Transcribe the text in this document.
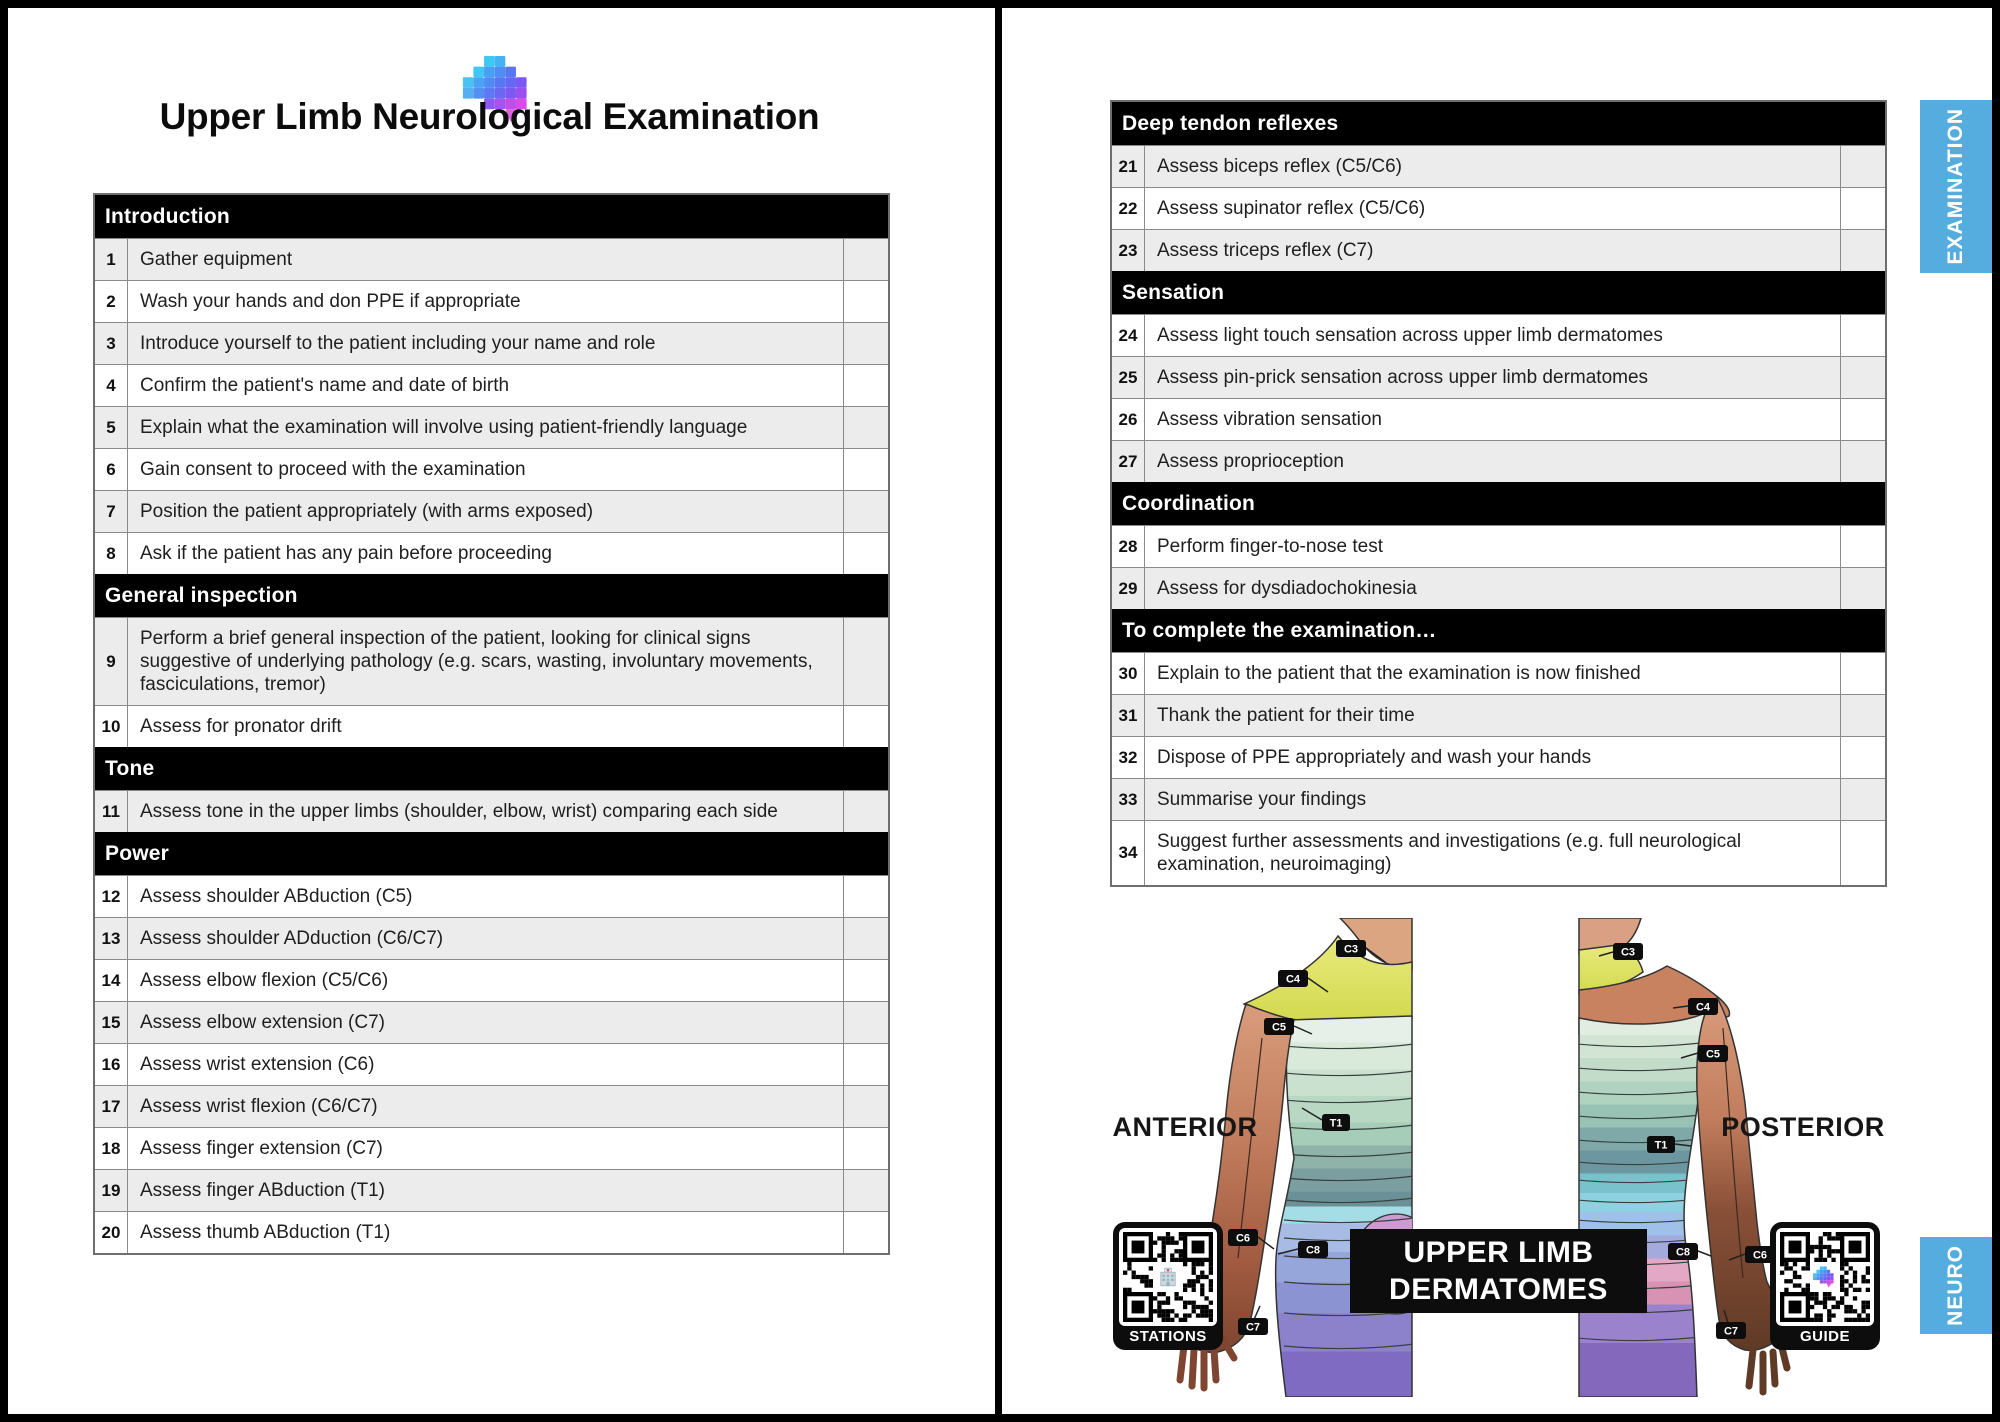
Upper Limb Neurological Examination
Introduction
1	Gather equipment
2	Wash your hands and don PPE if appropriate
3	Introduce yourself to the patient including your name and role
4	Confirm the patient's name and date of birth
5	Explain what the examination will involve using patient-friendly language
6	Gain consent to proceed with the examination
7	Position the patient appropriately (with arms exposed)
8	Ask if the patient has any pain before proceeding
General inspection
9
Perform a brief general inspection of the patient, looking for clinical signs suggestive of underlying pathology (e.g. scars, wasting, involuntary movements, fasciculations, tremor)
10	Assess for pronator drift
Tone
11	Assess tone in the upper limbs (shoulder, elbow, wrist) comparing each side
Power
12	Assess shoulder ABduction (C5)
13	Assess shoulder ADduction (C6/C7)
14	Assess elbow flexion (C5/C6)
15	Assess elbow extension (C7)
16	Assess wrist extension (C6)
17	Assess wrist flexion (C6/C7)
18	Assess finger extension (C7)
19	Assess finger ABduction (T1)
20	Assess thumb ABduction (T1)
Deep tendon reflexes
21	Assess biceps reflex (C5/C6)
22	Assess supinator reflex (C5/C6)
23	Assess triceps reflex (C7)
Sensation
24	Assess light touch sensation across upper limb dermatomes
25	Assess pin-prick sensation across upper limb dermatomes
26	Assess vibration sensation
27	Assess proprioception
Coordination
28	Perform finger-to-nose test
29	Assess for dysdiadochokinesia
To complete the examination…
30	Explain to the patient that the examination is now finished
31	Thank the patient for their time
32	Dispose of PPE appropriately and wash your hands
33	Summarise your findings
34
Suggest further assessments and investigations (e.g. full neurological examination, neuroimaging)
C3
C4
C5
T1
C6
C8
C7
C3
C4
C5
T1
C8	C6
C7
ANTERIOR	POSTERIOR
UPPER LIMB
DERMATOMES
STATIONS	GUIDE
EXAMINATION
NEURO
